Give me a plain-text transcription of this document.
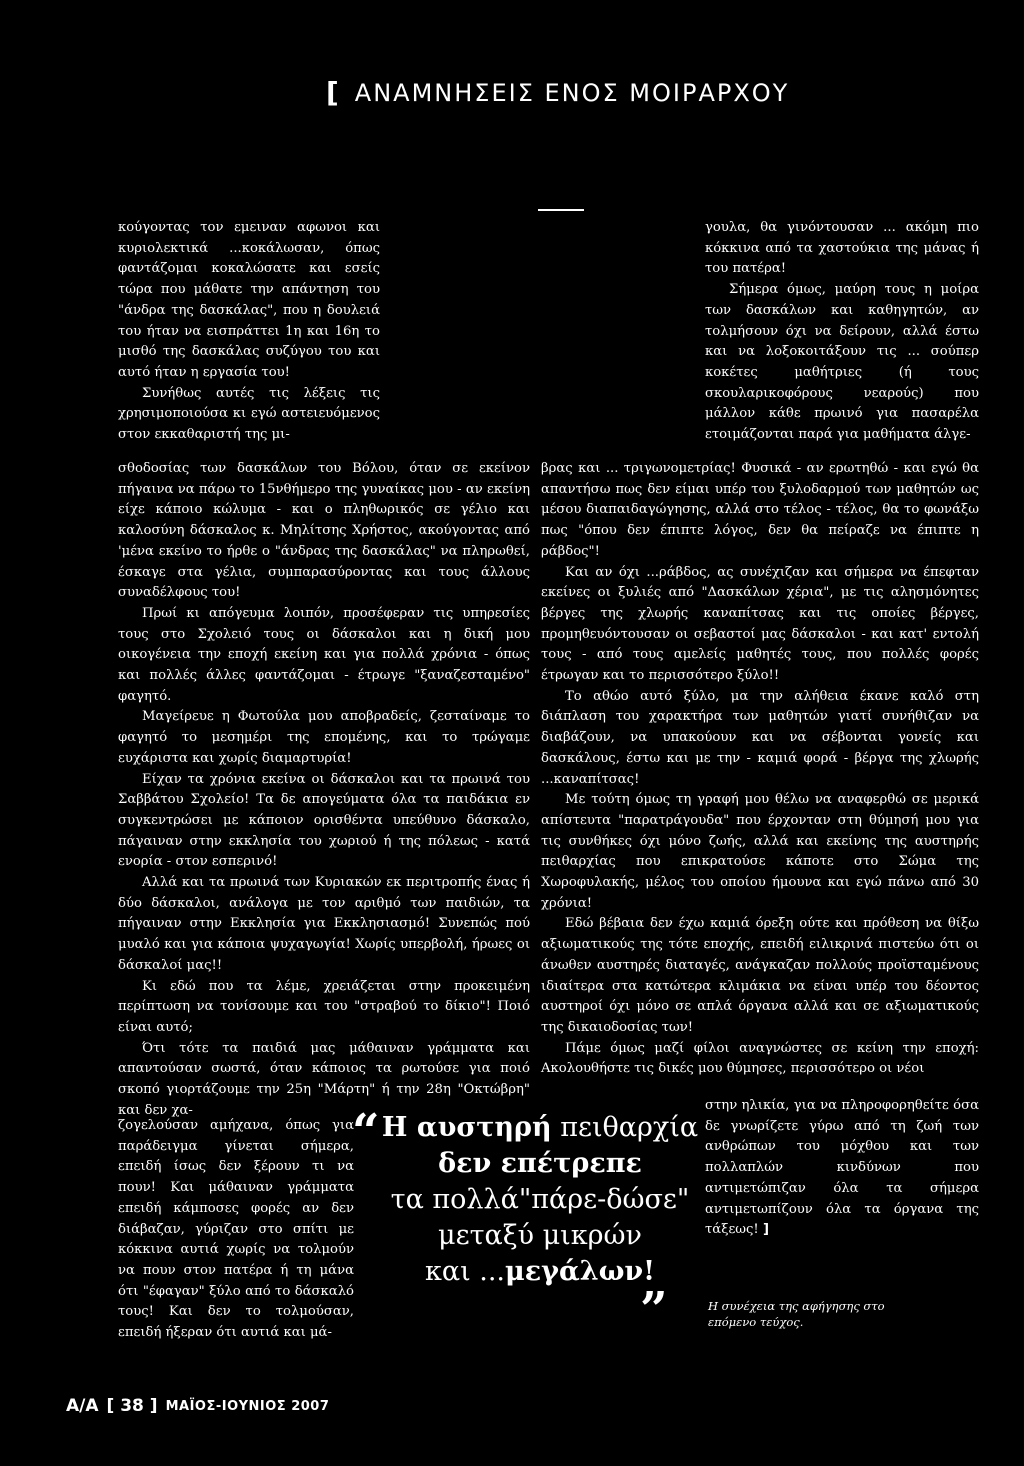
[ ΑΝΑΜΝΗΣΕΙΣ ΕΝΟΣ ΜΟΙΡΑΡΧΟΥ

κούγοντας τον εμειναν αφωνοι και κυριολεκτικά ...κοκάλωσαν, όπως φαντάζομαι κοκαλώσατε και εσείς τώρα που μάθατε την απάντηση του "άνδρα της δασκάλας", που η δουλειά του ήταν να εισπράττει 1η και 16η το μισθό της δασκάλας συζύγου του και αυτό ήταν η εργασία του!

Συνήθως αυτές τις λέξεις τις χρησιμοποιούσα κι εγώ αστειευόμενος στον εκκαθαριστή της μι-

σθοδοσίας των δασκάλων του Βόλου, όταν σε εκείνον πήγαινα να πάρω το 15νθήμερο της γυναίκας μου - αν εκείνη είχε κάποιο κώλυμα - και ο πληθωρικός σε γέλιο και καλοσύνη δάσκαλος κ. Μηλίτσης Χρήστος, ακούγοντας από 'μένα εκείνο το ήρθε ο "άνδρας της δασκάλας" να πληρωθεί, έσκαγε στα γέλια, συμπαρασύροντας και τους άλλους συναδέλφους του!

Πρωί κι απόγευμα λοιπόν, προσέφεραν τις υπηρεσίες τους στο Σχολειό τους οι δάσκαλοι και η δική μου οικογένεια την εποχή εκείνη και για πολλά χρόνια - όπως και πολλές άλλες φαντάζομαι - έτρωγε "ξαναζεσταμένο" φαγητό.

Μαγείρευε η Φωτούλα μου αποβραδείς, ζεσταίναμε το φαγητό το μεσημέρι της επομένης, και το τρώγαμε ευχάριστα και χωρίς διαμαρτυρία!

Είχαν τα χρόνια εκείνα οι δάσκαλοι και τα πρωινά του Σαββάτου Σχολείο! Τα δε απογεύματα όλα τα παιδάκια εν συγκεντρώσει με κάποιον ορισθέντα υπεύθυνο δάσκαλο, πάγαιναν στην εκκλησία του χωριού ή της πόλεως - κατά ενορία - στον εσπερινό!

Αλλά και τα πρωινά των Κυριακών εκ περιτροπής ένας ή δύο δάσκαλοι, ανάλογα με τον αριθμό των παιδιών, τα πήγαιναν στην Εκκλησία για Εκκλησιασμό! Συνεπώς πού μυαλό και για κάποια ψυχαγωγία! Χωρίς υπερβολή, ήρωες οι δάσκαλοί μας!!

Κι εδώ που τα λέμε, χρειάζεται στην προκειμένη περίπτωση να τονίσουμε και του "στραβού το δίκιο"! Ποιό είναι αυτό;

Ότι τότε τα παιδιά μας μάθαιναν γράμματα και απαντούσαν σωστά, όταν κάποιος τα ρωτούσε για ποιό σκοπό γιορτάζουμε την 25η "Μάρτη" ή την 28η "Οκτώβρη" και δεν χα-

ζογελούσαν αμήχανα, όπως για παράδειγμα γίνεται σήμερα, επειδή ίσως δεν ξέρουν τι να πουν! Και μάθαιναν γράμματα επειδή κάμποσες φορές αν δεν διάβαζαν, γύριζαν στο σπίτι με κόκκινα αυτιά χωρίς να τολμούν να πουν στον πατέρα ή τη μάνα ότι "έφαγαν" ξύλο από το δάσκαλό τους! Και δεν το τολμούσαν, επειδή ήξεραν ότι αυτιά και μά-

γουλα, θα γινόντουσαν ... ακόμη πιο κόκκινα από τα χαστούκια της μάνας ή του πατέρα!

Σήμερα όμως, μαύρη τους η μοίρα των δασκάλων και καθηγητών, αν τολμήσουν όχι να δείρουν, αλλά έστω και να λοξοκοιτάξουν τις ... σούπερ κοκέτες μαθήτριες (ή τους σκουλαρικοφόρους νεαρούς) που μάλλον κάθε πρωινό για πασαρέλα ετοιμάζονται παρά για μαθήματα άλγε-

βρας και ... τριγωνομετρίας! Φυσικά - αν ερωτηθώ - και εγώ θα απαντήσω πως δεν είμαι υπέρ του ξυλοδαρμού των μαθητών ως μέσου διαπαιδαγώγησης, αλλά στο τέλος - τέλος, θα το φωνάξω πως "όπου δεν έπιπτε λόγος, δεν θα πείραζε να έπιπτε η ράβδος"!

Και αν όχι ...ράβδος, ας συνέχιζαν και σήμερα να έπεφταν εκείνες οι ξυλιές από "Δασκάλων χέρια", με τις αλησμόνητες βέργες της χλωρής καναπίτσας και τις οποίες βέργες, προμηθευόντουσαν οι σεβαστοί μας δάσκαλοι - και κατ' εντολή τους - από τους αμελείς μαθητές τους, που πολλές φορές έτρωγαν και το περισσότερο ξύλο!!

Το αθώο αυτό ξύλο, μα την αλήθεια έκανε καλό στη διάπλαση του χαρακτήρα των μαθητών γιατί συνήθιζαν να διαβάζουν, να υπακούουν και να σέβονται γονείς και δασκάλους, έστω και με την - καμιά φορά - βέργα της χλωρής ...καναπίτσας!

Με τούτη όμως τη γραφή μου θέλω να αναφερθώ σε μερικά απίστευτα "παρατράγουδα" που έρχονταν στη θύμησή μου για τις συνθήκες όχι μόνο ζωής, αλλά και εκείνης της αυστηρής πειθαρχίας που επικρατούσε κάποτε στο Σώμα της Χωροφυλακής, μέλος του οποίου ήμουνα και εγώ πάνω από 30 χρόνια!

Εδώ βέβαια δεν έχω καμιά όρεξη ούτε και πρόθεση να θίξω αξιωματικούς της τότε εποχής, επειδή ειλικρινά πιστεύω ότι οι άνωθεν αυστηρές διαταγές, ανάγκαζαν πολλούς προϊσταμένους ιδιαίτερα στα κατώτερα κλιμάκια να είναι υπέρ του δέοντος αυστηροί όχι μόνο σε απλά όργανα αλλά και σε αξιωματικούς της δικαιοδοσίας των!

Πάμε όμως μαζί φίλοι αναγνώστες σε κείνη την εποχή: Ακολουθήστε τις δικές μου θύμησες, περισσότερο οι νέοι

στην ηλικία, για να πληροφορηθείτε όσα δε γνωρίζετε γύρω από τη ζωή των ανθρώπων του μόχθου και των πολλαπλών κινδύνων που αντιμετώπιζαν όλα τα σήμερα αντιμετωπίζουν όλα τα όργανα της τάξεως! ]

“ Η αυστηρή πειθαρχία
δεν επέτρεπε
τα πολλά"πάρε-δώσε"
μεταξύ μικρών
και ...μεγάλων!
”	Η συνέχεια της αφήγησης στο επόμενο τεύχος.
Α/Α [ 38 ] ΜΑΪΟΣ-ΙΟΥΝΙΟΣ 2007
